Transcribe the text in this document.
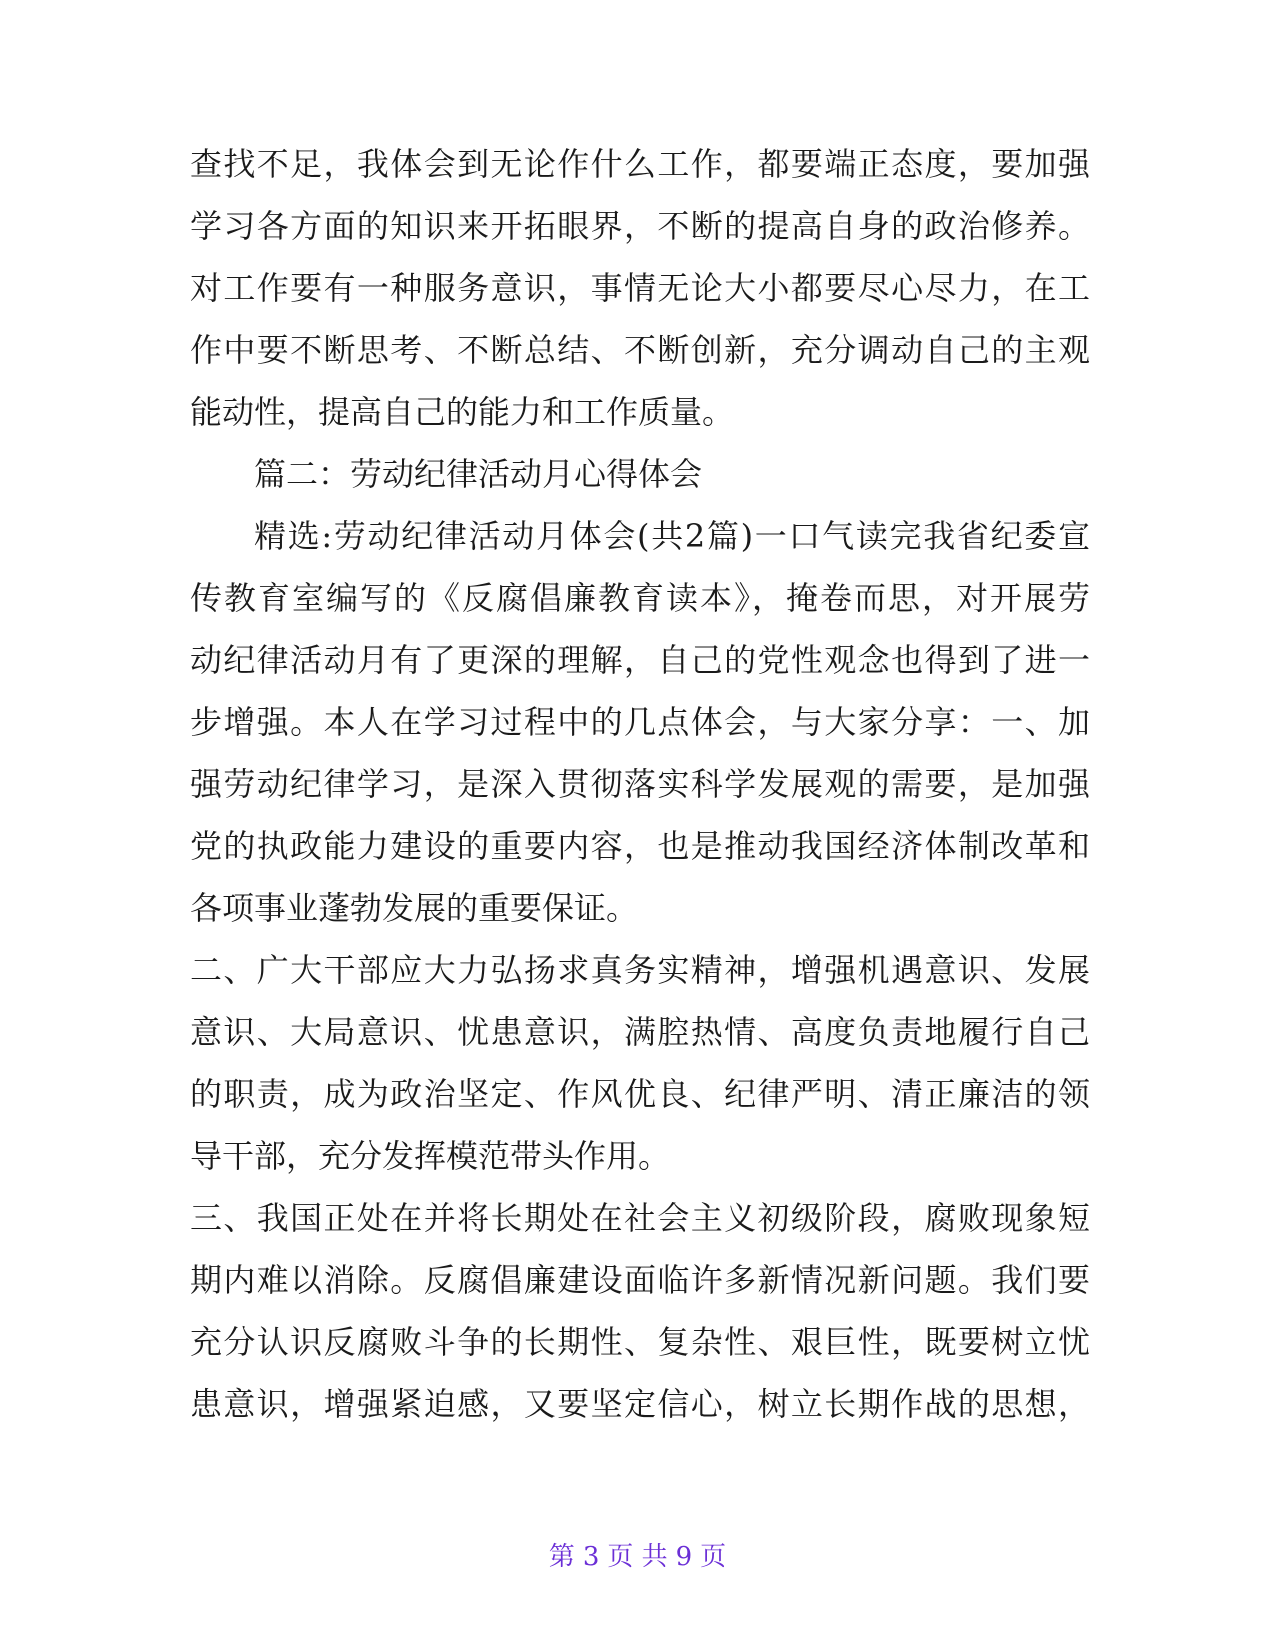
查找不足，我体会到无论作什么工作，都要端正态度，要加强
学习各方面的知识来开拓眼界，不断的提高自身的政治修养。
对工作要有一种服务意识，事情无论大小都要尽心尽力，在工
作中要不断思考、不断总结、不断创新，充分调动自己的主观
能动性，提高自己的能力和工作质量。
篇二：劳动纪律活动月心得体会
精选:劳动纪律活动月体会(共2篇)一口气读完我省纪委宣
传教育室编写的《反腐倡廉教育读本》，掩卷而思，对开展劳
动纪律活动月有了更深的理解，自己的党性观念也得到了进一
步增强。本人在学习过程中的几点体会，与大家分享：一、加
强劳动纪律学习，是深入贯彻落实科学发展观的需要，是加强
党的执政能力建设的重要内容，也是推动我国经济体制改革和
各项事业蓬勃发展的重要保证。
二、广大干部应大力弘扬求真务实精神，增强机遇意识、发展
意识、大局意识、忧患意识，满腔热情、高度负责地履行自己
的职责，成为政治坚定、作风优良、纪律严明、清正廉洁的领
导干部，充分发挥模范带头作用。
三、我国正处在并将长期处在社会主义初级阶段，腐败现象短
期内难以消除。反腐倡廉建设面临许多新情况新问题。我们要
充分认识反腐败斗争的长期性、复杂性、艰巨性，既要树立忧
患意识，增强紧迫感，又要坚定信心，树立长期作战的思想，
第 3 页 共 9 页
